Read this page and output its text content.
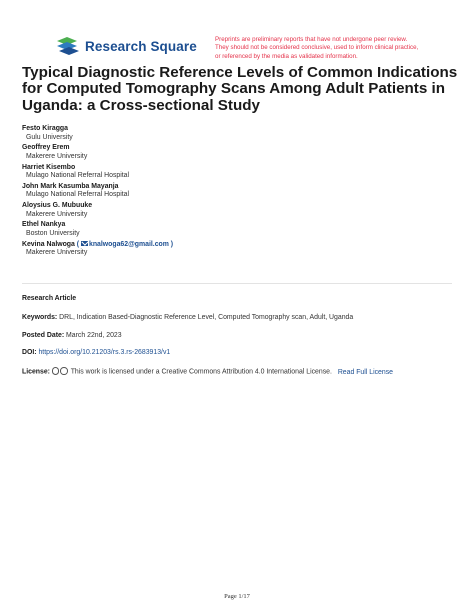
Research Square	Preprints are preliminary reports that have not undergone peer review.
They should not be considered conclusive, used to inform clinical practice,
or referenced by the media as validated information.
Typical Diagnostic Reference Levels of Common Indications for Computed Tomography Scans Among Adult Patients in Uganda: a Cross-sectional Study
Festo Kiragga
Gulu University
Geoffrey Erem
Makerere University
Harriet Kisembo
Mulago National Referral Hospital
John Mark Kasumba Mayanja
Mulago National Referral Hospital
Aloysius G. Mubuuke
Makerere University
Ethel Nankya
Boston University
Kevina Nalwoga ( knalwoga62@gmail.com )
Makerere University
Research Article
Keywords: DRL, Indication Based-Diagnostic Reference Level, Computed Tomography scan, Adult, Uganda
Posted Date: March 22nd, 2023
DOI: https://doi.org/10.21203/rs.3.rs-2683913/v1
License:	This work is licensed under a Creative Commons Attribution 4.0 International License. Read Full License
Page 1/17
